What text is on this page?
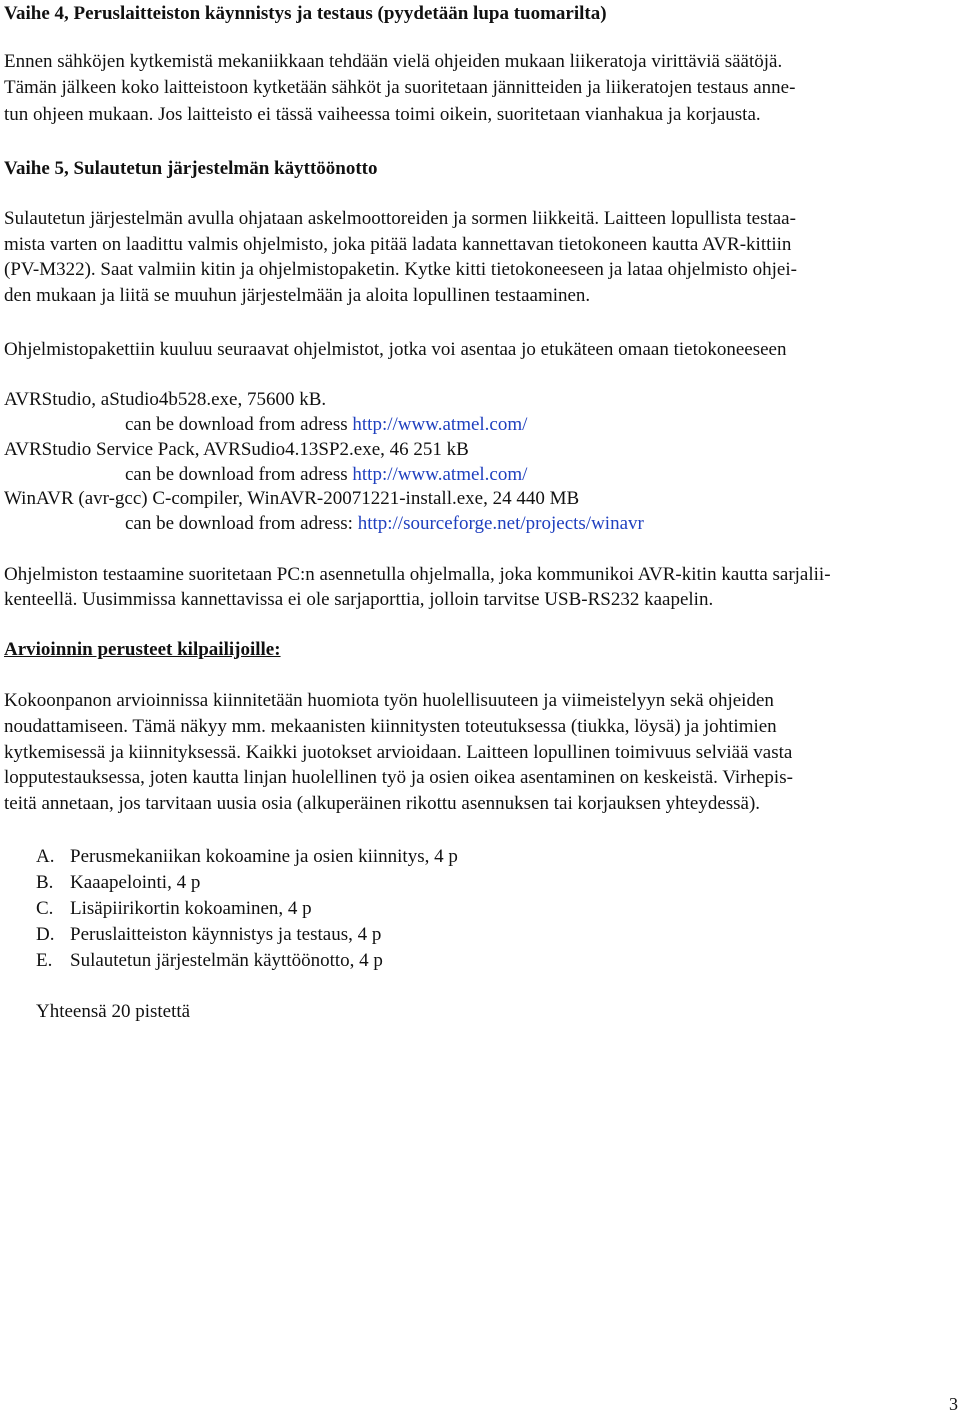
Vaihe 4, Peruslaitteiston käynnistys ja testaus (pyydetään lupa tuomarilta)
Ennen sähköjen kytkemistä mekaniikkaan tehdään vielä ohjeiden mukaan liikeratoja virittäviä säätöjä.
Tämän jälkeen koko laitteistoon kytketään sähköt ja suoritetaan jännitteiden ja liikeratojen testaus anne-
tun ohjeen mukaan. Jos laitteisto ei tässä vaiheessa toimi oikein, suoritetaan vianhakua ja korjausta.
Vaihe 5, Sulautetun järjestelmän käyttöönotto
Sulautetun järjestelmän avulla ohjataan askelmoottoreiden ja sormen liikkeitä. Laitteen lopullista testaa-
mista varten on laadittu valmis ohjelmisto, joka pitää ladata kannettavan tietokoneen kautta AVR-kittiin
(PV-M322). Saat valmiin kitin ja ohjelmistopaketin. Kytke kitti tietokoneeseen ja lataa ohjelmisto ohjei-
den mukaan ja liitä se muuhun järjestelmään ja aloita lopullinen testaaminen.
Ohjelmistopakettiin kuuluu seuraavat ohjelmistot, jotka voi asentaa jo etukäteen omaan tietokoneeseen
AVRStudio, aStudio4b528.exe, 75600 kB.
can be download from adress http://www.atmel.com/
AVRStudio Service Pack, AVRSudio4.13SP2.exe, 46 251 kB
can be download from adress http://www.atmel.com/
WinAVR (avr-gcc) C-compiler, WinAVR-20071221-install.exe, 24 440 MB
can be download from adress: http://sourceforge.net/projects/winavr
Ohjelmiston testaamine suoritetaan PC:n asennetulla ohjelmalla, joka kommunikoi AVR-kitin kautta sarjalii-
kenteellä. Uusimmissa kannettavissa ei ole sarjaporttia, jolloin tarvitse USB-RS232 kaapelin.
Arvioinnin perusteet kilpailijoille:
Kokoonpanon arvioinnissa kiinnitetään huomiota työn huolellisuuteen ja viimeistelyyn sekä ohjeiden
noudattamiseen. Tämä näkyy mm. mekaanisten kiinnitysten toteutuksessa (tiukka, löysä) ja johtimien
kytkemisessä ja kiinnityksessä. Kaikki juotokset arvioidaan. Laitteen lopullinen toimivuus selviää vasta
lopputestauksessa, joten kautta linjan huolellinen työ ja osien oikea asentaminen on keskeistä. Virhepis-
teitä annetaan, jos tarvitaan uusia osia (alkuperäinen rikottu asennuksen tai korjauksen yhteydessä).
A. Perusmekaniikan kokoamine ja osien kiinnitys, 4 p
B. Kaaapelointi, 4 p
C. Lisäpiirikortin kokoaminen, 4 p
D. Peruslaitteiston käynnistys ja testaus, 4 p
E. Sulautetun järjestelmän käyttöönotto, 4 p
Yhteensä 20 pistettä
3
